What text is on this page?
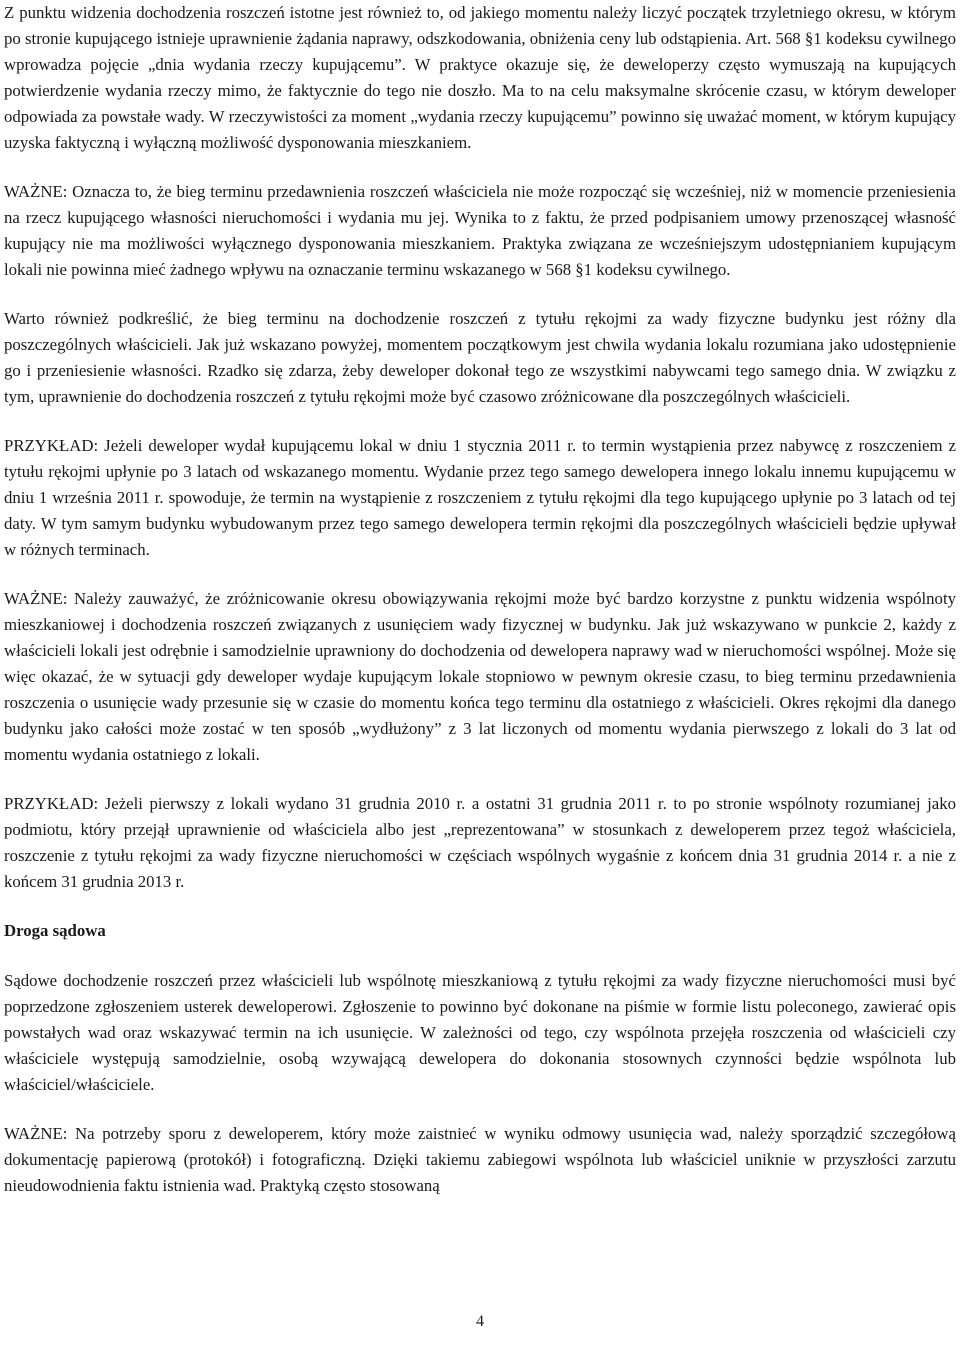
Z punktu widzenia dochodzenia roszczeń istotne jest również to, od jakiego momentu należy liczyć początek trzyletniego okresu, w którym po stronie kupującego istnieje uprawnienie żądania naprawy, odszkodowania, obniżenia ceny lub odstąpienia. Art. 568 §1 kodeksu cywilnego wprowadza pojęcie „dnia wydania rzeczy kupującemu”. W praktyce okazuje się, że deweloperzy często wymuszają na kupujących potwierdzenie wydania rzeczy mimo, że faktycznie do tego nie doszło. Ma to na celu maksymalne skrócenie czasu, w którym deweloper odpowiada za powstałe wady. W rzeczywistości za moment „wydania rzeczy kupującemu” powinno się uważać moment, w którym kupujący uzyska faktyczną i wyłączną możliwość dysponowania mieszkaniem.

WAŻNE: Oznacza to, że bieg terminu przedawnienia roszczeń właściciela nie może rozpocząć się wcześniej, niż w momencie przeniesienia na rzecz kupującego własności nieruchomości i wydania mu jej. Wynika to z faktu, że przed podpisaniem umowy przenoszącej własność kupujący nie ma możliwości wyłącznego dysponowania mieszkaniem. Praktyka związana ze wcześniejszym udostępnianiem kupującym lokali nie powinna mieć żadnego wpływu na oznaczanie terminu wskazanego w 568 §1 kodeksu cywilnego.

Warto również podkreślić, że bieg terminu na dochodzenie roszczeń z tytułu rękojmi za wady fizyczne budynku jest różny dla poszczególnych właścicieli. Jak już wskazano powyżej, momentem początkowym jest chwila wydania lokalu rozumiana jako udostępnienie go i przeniesienie własności. Rzadko się zdarza, żeby deweloper dokonał tego ze wszystkimi nabywcami tego samego dnia. W związku z tym, uprawnienie do dochodzenia roszczeń z tytułu rękojmi może być czasowo zróżnicowane dla poszczególnych właścicieli.

PRZYKŁAD: Jeżeli deweloper wydał kupującemu lokal w dniu 1 stycznia 2011 r. to termin wystąpienia przez nabywcę z roszczeniem z tytułu rękojmi upłynie po 3 latach od wskazanego momentu. Wydanie przez tego samego dewelopera innego lokalu innemu kupującemu w dniu 1 września 2011 r. spowoduje, że termin na wystąpienie z roszczeniem z tytułu rękojmi dla tego kupującego upłynie po 3 latach od tej daty. W tym samym budynku wybudowanym przez tego samego dewelopera termin rękojmi dla poszczególnych właścicieli będzie upływał w różnych terminach.

WAŻNE: Należy zauważyć, że zróżnicowanie okresu obowiązywania rękojmi może być bardzo korzystne z punktu widzenia wspólnoty mieszkaniowej i dochodzenia roszczeń związanych z usunięciem wady fizycznej w budynku. Jak już wskazywano w punkcie 2, każdy z właścicieli lokali jest odrębnie i samodzielnie uprawniony do dochodzenia od dewelopera naprawy wad w nieruchomości wspólnej. Może się więc okazać, że w sytuacji gdy deweloper wydaje kupującym lokale stopniowo w pewnym okresie czasu, to bieg terminu przedawnienia roszczenia o usunięcie wady przesunie się w czasie do momentu końca tego terminu dla ostatniego z właścicieli. Okres rękojmi dla danego budynku jako całości może zostać w ten sposób „wydłużony” z 3 lat liczonych od momentu wydania pierwszego z lokali do 3 lat od momentu wydania ostatniego z lokali.

PRZYKŁAD: Jeżeli pierwszy z lokali wydano 31 grudnia 2010 r. a ostatni 31 grudnia 2011 r. to po stronie wspólnoty rozumianej jako podmiotu, który przejął uprawnienie od właściciela albo jest „reprezentowana” w stosunkach z deweloperem przez tegoż właściciela, roszczenie z tytułu rękojmi za wady fizyczne nieruchomości w częściach wspólnych wygaśnie z końcem dnia 31 grudnia 2014 r. a nie z końcem 31 grudnia 2013 r.

Droga sądowa

Sądowe dochodzenie roszczeń przez właścicieli lub wspólnotę mieszkaniową z tytułu rękojmi za wady fizyczne nieruchomości musi być poprzedzone zgłoszeniem usterek deweloperowi. Zgłoszenie to powinno być dokonane na piśmie w formie listu poleconego, zawierać opis powstałych wad oraz wskazywać termin na ich usunięcie. W zależności od tego, czy wspólnota przejęła roszczenia od właścicieli czy właściciele występują samodzielnie, osobą wzywającą dewelopera do dokonania stosownych czynności będzie wspólnota lub właściciel/właściciele.

WAŻNE: Na potrzeby sporu z deweloperem, który może zaistnieć w wyniku odmowy usunięcia wad, należy sporządzić szczegółową dokumentację papierową (protokół) i fotograficzną. Dzięki takiemu zabiegowi wspólnota lub właściciel uniknie w przyszłości zarzutu nieudowodnienia faktu istnienia wad. Praktyką często stosowaną

4
